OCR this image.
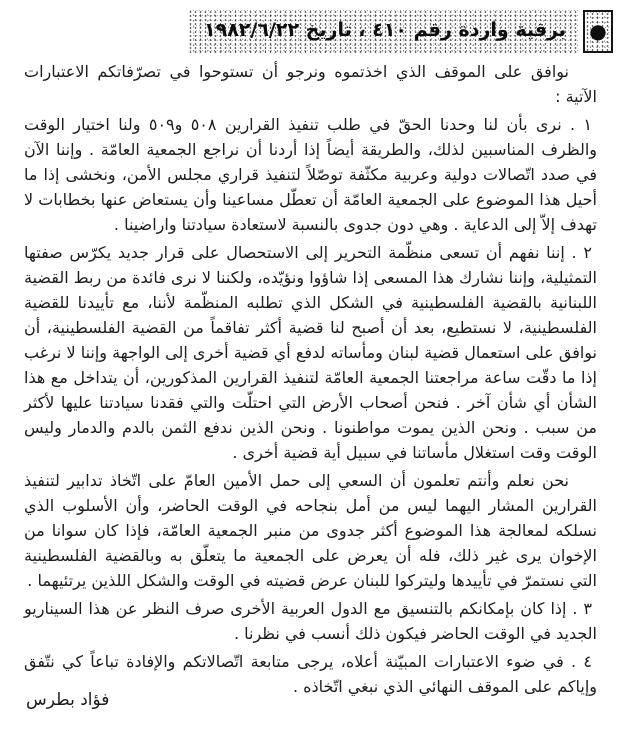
●
برقية واردة رقم ٤١٠ ، تاريخ ١٩٨٢/٦/٢٢

نوافق على الموقف الذي اخذتموه ونرجو أن تستوحوا في تصرّفاتكم الاعتبارات الآتية :

١ . نرى بأن لنا وحدنا الحقّ في طلب تنفيذ القرارين ٥٠٨ و٥٠٩ ولنا اختيار الوقت والظرف المناسبين لذلك، والطريقة أيضاً إذا أردنا أن نراجع الجمعية العامّة . وإننا الآن في صدد اتّصالات دولية وعربية مكثّفة توصّلاً لتنفيذ قراري مجلس الأمن، ونخشى إذا ما أحيل هذا الموضوع على الجمعية العامّة أن تعطّل مساعينا وأن يستعاض عنها بخطابات لا تهدف إلاّ إلى الدعاية . وهي دون جدوى بالنسبة لاستعادة سيادتنا واراضينا .

٢ . إننا نفهم أن تسعى منظّمة التحرير إلى الاستحصال على قرار جديد يكرّس صفتها التمثيلية، وإننا نشارك هذا المسعى إذا شاؤوا ونؤيّده، ولكننا لا نرى فائدة من ربط القضية اللبنانية بالقضية الفلسطينية في الشكل الذي تطلبه المنظّمة لأننا، مع تأييدنا للقضية الفلسطينية، لا نستطيع، بعد أن أصبح لنا قضية أكثر تفاقماً من القضية الفلسطينية، أن نوافق على استعمال قضية لبنان ومأساته لدفع أي قضية أخرى إلى الواجهة وإننا لا نرغب إذا ما دقّت ساعة مراجعتنا الجمعية العامّة لتنفيذ القرارين المذكورين، أن يتداخل مع هذا الشأن أي شأن آخر . فنحن أصحاب الأرض التي احتلّت والتي فقدنا سيادتنا عليها لأكثر من سبب . ونحن الذين يموت مواطنونا . ونحن الذين ندفع الثمن بالدم والدمار وليس الوقت وقت استغلال مأساتنا في سبيل أية قضية أخرى .

نحن نعلم وأنتم تعلمون أن السعي إلى حمل الأمين العامّ على اتّخاذ تدابير لتنفيذ القرارين المشار اليهما ليس من أمل بنجاحه في الوقت الحاضر، وأن الأسلوب الذي نسلكه لمعالجة هذا الموضوع أكثر جدوى من منبر الجمعية العامّة، فإذا كان سوانا من الإخوان يرى غير ذلك، فله أن يعرض على الجمعية ما يتعلّق به وبالقضية الفلسطينية التي نستمرّ في تأييدها وليتركوا للبنان عرض قضيته في الوقت والشكل اللذين يرتئيهما .

٣ . إذا كان بإمكانكم بالتنسيق مع الدول العربية الأخرى صرف النظر عن هذا السيناريو الجديد في الوقت الحاضر فيكون ذلك أنسب في نظرنا .

٤ . في ضوء الاعتبارات المبيّنة أعلاه، يرجى متابعة اتّصالاتكم والإفادة تباعاً كي نتّفق وإياكم على الموقف النهائي الذي نبغي اتّخاذه .

فؤاد بطرس
